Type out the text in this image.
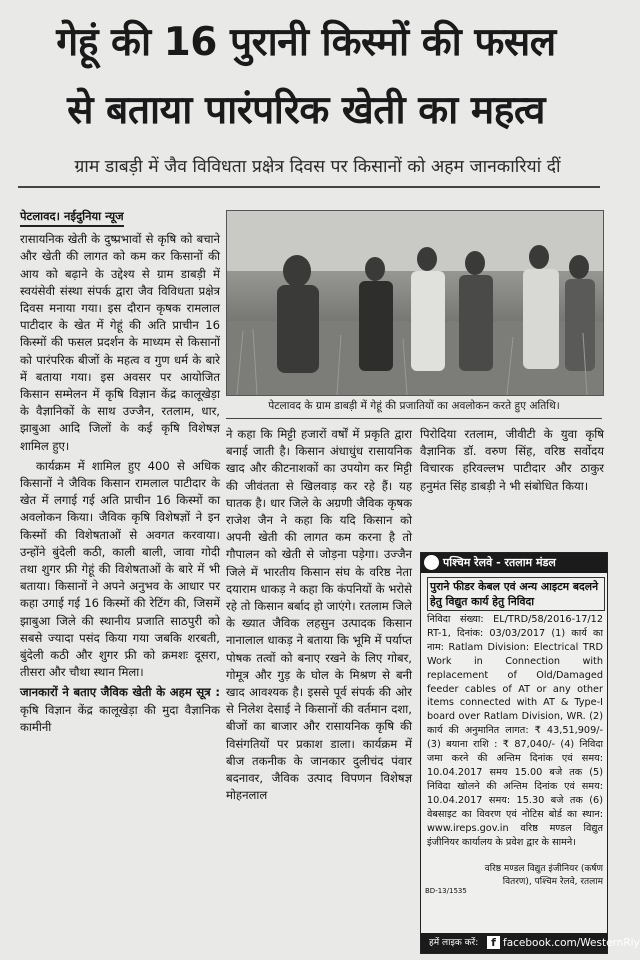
गेहूं की 16 पुरानी किस्मों की फसल
से बताया पारंपरिक खेती का महत्व
ग्राम डाबड़ी में जैव विविधता प्रक्षेत्र दिवस पर किसानों को अहम जानकारियां दीं
पेटलावद। नईदुनिया न्यूज

रासायनिक खेती के दुष्प्रभावों से कृषि को बचाने और खेती की लागत को कम कर किसानों की आय को बढ़ाने के उद्देश्य से ग्राम डाबड़ी में स्वयंसेवी संस्था संपर्क द्वारा जैव विविधता प्रक्षेत्र दिवस मनाया गया। इस दौरान कृषक रामलाल पाटीदार के खेत में गेहूं की अति प्राचीन 16 किस्मों की फसल प्रदर्शन के माध्यम से किसानों को पारंपरिक बीजों के महत्व व गुण धर्म के बारे में बताया गया। इस अवसर पर आयोजित किसान सम्मेलन में कृषि विज्ञान केंद्र कालूखेड़ा के वैज्ञानिकों के साथ उज्जैन, रतलाम, धार, झाबुआ आदि जिलों के कई कृषि विशेषज्ञ शामिल हुए।

कार्यक्रम में शामिल हुए 400 से अधिक किसानों ने जैविक किसान रामलाल पाटीदार के खेत में लगाई गई अति प्राचीन 16 किस्मों का अवलोकन किया। जैविक कृषि विशेषज्ञों ने इन किस्मों की विशेषताओं से अवगत करवाया। उन्होंने बुंदेली कठी, काली बाली, जावा गोदी तथा शुगर फ्री गेहूं की विशेषताओं के बारे में भी बताया। किसानों ने अपने अनुभव के आधार पर कहा उगाई गई 16 किस्मों की रेटिंग की, जिसमें झाबुआ जिले की स्थानीय प्रजाति साठपुरी को सबसे ज्यादा पसंद किया गया जबकि शरबती, बुंदेली कठी और शुगर फ्री को क्रमशः दूसरा, तीसरा और चौथा स्थान मिला।

जानकारों ने बताए जैविक खेती के अहम सूत्र : कृषि विज्ञान केंद्र कालूखेड़ा की मुदा वैज्ञानिक कामीनी

पेटलावद के ग्राम डाबड़ी में गेहूं की प्रजातियों का अवलोकन करते हुए अतिथि।

ने कहा कि मिट्टी हजारों वर्षों में प्रकृति द्वारा बनाई जाती है। किसान अंधाधुंध रासायनिक खाद और कीटनाशकों का उपयोग कर मिट्टी की जीवंतता से खिलवाड़ कर रहे हैं। यह घातक है। धार जिले के अग्रणी जैविक कृषक राजेश जैन ने कहा कि यदि किसान को अपनी खेती की लागत कम करना है तो गौपालन को खेती से जोड़ना पड़ेगा। उज्जैन जिले में भारतीय किसान संघ के वरिष्ठ नेता दयाराम धाकड़ ने कहा कि कंपनियों के भरोसे रहे तो किसान बर्बाद हो जाएंगे। रतलाम जिले के ख्यात जैविक लहसुन उत्पादक किसान नानालाल धाकड़ ने बताया कि भूमि में पर्याप्त पोषक तत्वों को बनाए रखने के लिए गोबर, गोमूत्र और गुड़ के घोल के मिश्रण से बनी खाद आवश्यक है। इससे पूर्व संपर्क की ओर से निलेश देसाई ने किसानों की वर्तमान दशा, बीजों का बाजार और रासायनिक कृषि की विसंगतियों पर प्रकाश डाला। कार्यक्रम में बीज तकनीक के जानकार दुलीचंद पंवार बदनावर, जैविक उत्पाद विपणन विशेषज्ञ मोहनलाल

पिरोदिया रतलाम, जीवीटी के युवा कृषि वैज्ञानिक डॉ. वरुण सिंह, वरिष्ठ सर्वोदय विचारक हरिवल्लभ पाटीदार और ठाकुर हनुमंत सिंह डाबड़ी ने भी संबोधित किया।

पश्चिम रेलवे - रतलाम मंडल
पुराने फीडर केबल एवं अन्य आइटम बदलने हेतु विद्युत कार्य हेतु निविदा
निविदा संख्या: EL/TRD/58/2016-17/12 RT-1, दिनांक: 03/03/2017 (1) कार्य का नाम: Ratlam Division: Electrical TRD Work in Connection with replacement of Old/Damaged feeder cables of AT or any other items connected with AT & Type-I board over Ratlam Division, WR. (2) कार्य की अनुमानित लागत: ₹ 43,51,909/- (3) बयाना राशि : ₹ 87,040/- (4) निविदा जमा करने की अन्तिम दिनांक एवं समय: 10.04.2017 समय 15.00 बजे तक (5) निविदा खोलने की अन्तिम दिनांक एवं समय: 10.04.2017 समय: 15.30 बजे तक (6) वेबसाइट का विवरण एवं नोटिस बोर्ड का स्थान: www.ireps.gov.in वरिष्ठ मण्डल विद्युत इंजीनियर कार्यालय के प्रवेश द्वार के सामने।
वरिष्ठ मण्डल विद्युत इंजीनियर (कर्षण वितरण), पश्चिम रेलवे, रतलाम
BD-13/1535
हमें लाइक करें:	f facebook.com/WesternRly
